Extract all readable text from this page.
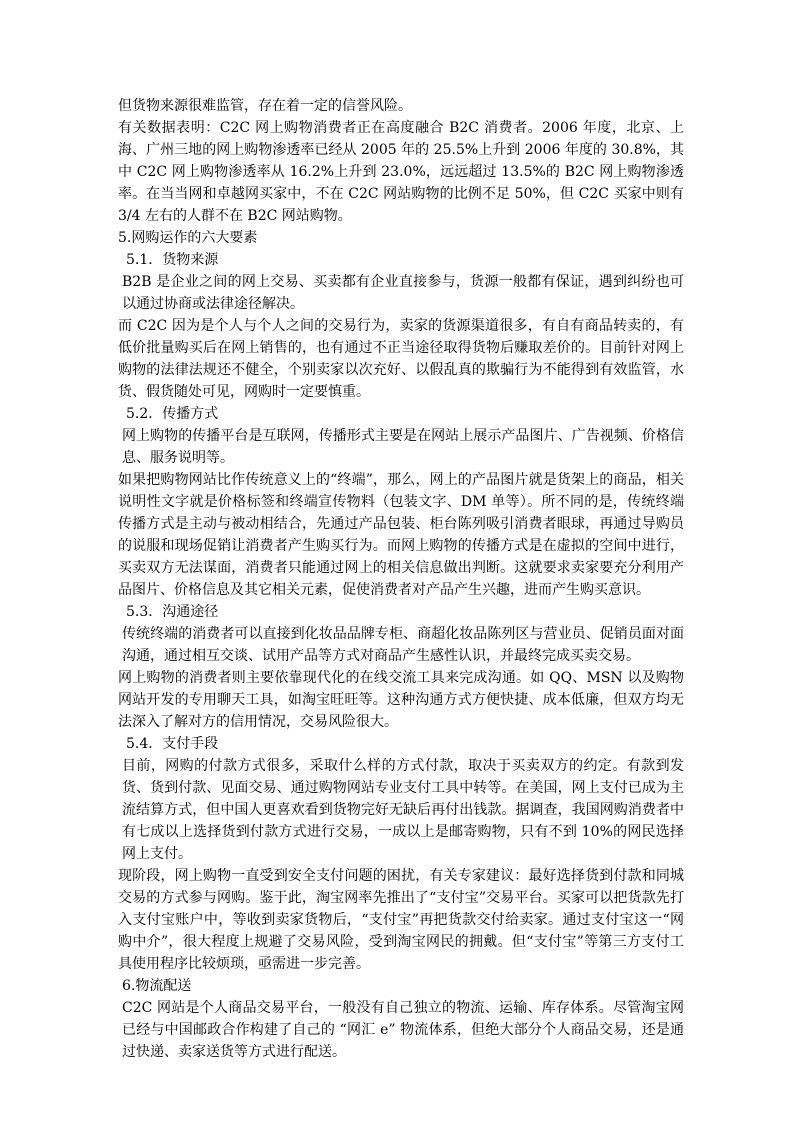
但货物来源很难监管，存在着一定的信誉风险。

有关数据表明：C2C 网上购物消费者正在高度融合 B2C 消费者。2006 年度，北京、上海、广州三地的网上购物渗透率已经从 2005 年的 25.5%上升到 2006 年度的 30.8%，其中 C2C 网上购物渗透率从 16.2%上升到 23.0%，远远超过 13.5%的 B2C 网上购物渗透率。在当当网和卓越网买家中，不在 C2C 网站购物的比例不足 50%，但 C2C 买家中则有 3/4 左右的人群不在 B2C 网站购物。

5.网购运作的六大要素

5.1．货物来源

B2B 是企业之间的网上交易、买卖都有企业直接参与，货源一般都有保证，遇到纠纷也可以通过协商或法律途径解决。

而 C2C 因为是个人与个人之间的交易行为，卖家的货源渠道很多，有自有商品转卖的，有低价批量购买后在网上销售的，也有通过不正当途径取得货物后赚取差价的。目前针对网上购物的法律法规还不健全，个别卖家以次充好、以假乱真的欺骗行为不能得到有效监管，水货、假货随处可见，网购时一定要慎重。

5.2．传播方式

网上购物的传播平台是互联网，传播形式主要是在网站上展示产品图片、广告视频、价格信息、服务说明等。

如果把购物网站比作传统意义上的“终端”，那么，网上的产品图片就是货架上的商品，相关说明性文字就是价格标签和终端宣传物料（包装文字、DM 单等）。所不同的是，传统终端传播方式是主动与被动相结合，先通过产品包装、柜台陈列吸引消费者眼球，再通过导购员的说服和现场促销让消费者产生购买行为。而网上购物的传播方式是在虚拟的空间中进行，买卖双方无法谋面，消费者只能通过网上的相关信息做出判断。这就要求卖家要充分利用产品图片、价格信息及其它相关元素，促使消费者对产品产生兴趣，进而产生购买意识。

5.3．沟通途径

传统终端的消费者可以直接到化妆品品牌专柜、商超化妆品陈列区与营业员、促销员面对面沟通，通过相互交谈、试用产品等方式对商品产生感性认识，并最终完成买卖交易。

网上购物的消费者则主要依靠现代化的在线交流工具来完成沟通。如 QQ、MSN 以及购物网站开发的专用聊天工具，如淘宝旺旺等。这种沟通方式方便快捷、成本低廉，但双方均无法深入了解对方的信用情况，交易风险很大。

5.4．支付手段

目前，网购的付款方式很多，采取什么样的方式付款，取决于买卖双方的约定。有款到发货、货到付款、见面交易、通过购物网站专业支付工具中转等。在美国，网上支付已成为主流结算方式，但中国人更喜欢看到货物完好无缺后再付出钱款。据调查，我国网购消费者中有七成以上选择货到付款方式进行交易，一成以上是邮寄购物，只有不到 10%的网民选择网上支付。

现阶段，网上购物一直受到安全支付问题的困扰，有关专家建议：最好选择货到付款和同城交易的方式参与网购。鉴于此，淘宝网率先推出了“支付宝”交易平台。买家可以把货款先打入支付宝账户中，等收到卖家货物后，“支付宝”再把货款交付给卖家。通过支付宝这一“网购中介”，很大程度上规避了交易风险，受到淘宝网民的拥戴。但“支付宝”等第三方支付工具使用程序比较烦琐，亟需进一步完善。

6.物流配送

C2C 网站是个人商品交易平台，一般没有自己独立的物流、运输、库存体系。尽管淘宝网已经与中国邮政合作构建了自己的 “网汇 e” 物流体系，但绝大部分个人商品交易，还是通过快递、卖家送货等方式进行配送。
